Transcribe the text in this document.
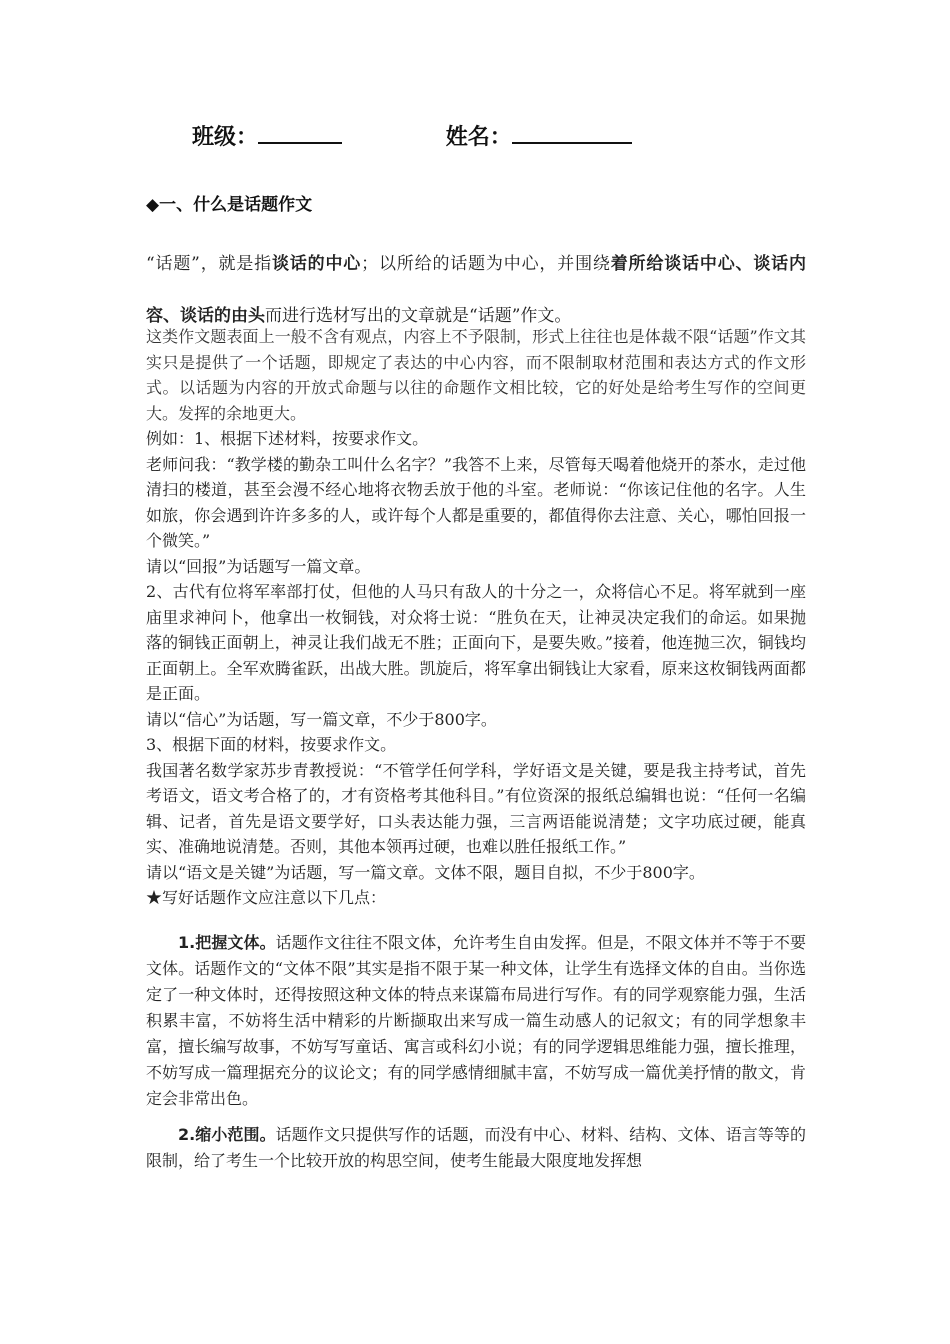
班级：	姓名：
◆一、什么是话题作文
“话题”，就是指谈话的中心；以所给的话题为中心，并围绕着所给谈话中心、谈话内容、谈话的由头而进行选材写出的文章就是“话题”作文。
这类作文题表面上一般不含有观点，内容上不予限制，形式上往往也是体裁不限“话题”作文其实只是提供了一个话题，即规定了表达的中心内容，而不限制取材范围和表达方式的作文形式。以话题为内容的开放式命题与以往的命题作文相比较，它的好处是给考生写作的空间更大。发挥的余地更大。

例如：1、根据下述材料，按要求作文。

老师问我：“教学楼的勤杂工叫什么名字？”我答不上来，尽管每天喝着他烧开的茶水，走过他清扫的楼道，甚至会漫不经心地将衣物丢放于他的斗室。老师说：“你该记住他的名字。人生如旅，你会遇到许许多多的人，或许每个人都是重要的，都值得你去注意、关心，哪怕回报一个微笑。”

请以“回报”为话题写一篇文章。

2、古代有位将军率部打仗，但他的人马只有敌人的十分之一，众将信心不足。将军就到一座庙里求神问卜，他拿出一枚铜钱，对众将士说：“胜负在天，让神灵决定我们的命运。如果抛落的铜钱正面朝上，神灵让我们战无不胜；正面向下，是要失败。”接着，他连抛三次，铜钱均正面朝上。全军欢腾雀跃，出战大胜。凯旋后，将军拿出铜钱让大家看，原来这枚铜钱两面都是正面。

请以“信心”为话题，写一篇文章，不少于800字。

3、根据下面的材料，按要求作文。

我国著名数学家苏步青教授说：“不管学任何学科，学好语文是关键，要是我主持考试，首先考语文，语文考合格了的，才有资格考其他科目。”有位资深的报纸总编辑也说：“任何一名编辑、记者，首先是语文要学好，口头表达能力强，三言两语能说清楚；文字功底过硬，能真实、准确地说清楚。否则，其他本领再过硬，也难以胜任报纸工作。”

请以“语文是关键”为话题，写一篇文章。文体不限，题目自拟，不少于800字。

★写好话题作文应注意以下几点：

1.把握文体。话题作文往往不限文体，允许考生自由发挥。但是，不限文体并不等于不要文体。话题作文的“文体不限”其实是指不限于某一种文体，让学生有选择文体的自由。当你选定了一种文体时，还得按照这种文体的特点来谋篇布局进行写作。有的同学观察能力强，生活积累丰富，不妨将生活中精彩的片断撷取出来写成一篇生动感人的记叙文；有的同学想象丰富，擅长编写故事，不妨写写童话、寓言或科幻小说；有的同学逻辑思维能力强，擅长推理，不妨写成一篇理据充分的议论文；有的同学感情细腻丰富，不妨写成一篇优美抒情的散文，肯定会非常出色。

2.缩小范围。话题作文只提供写作的话题，而没有中心、材料、结构、文体、语言等等的限制，给了考生一个比较开放的构思空间，使考生能最大限度地发挥想
